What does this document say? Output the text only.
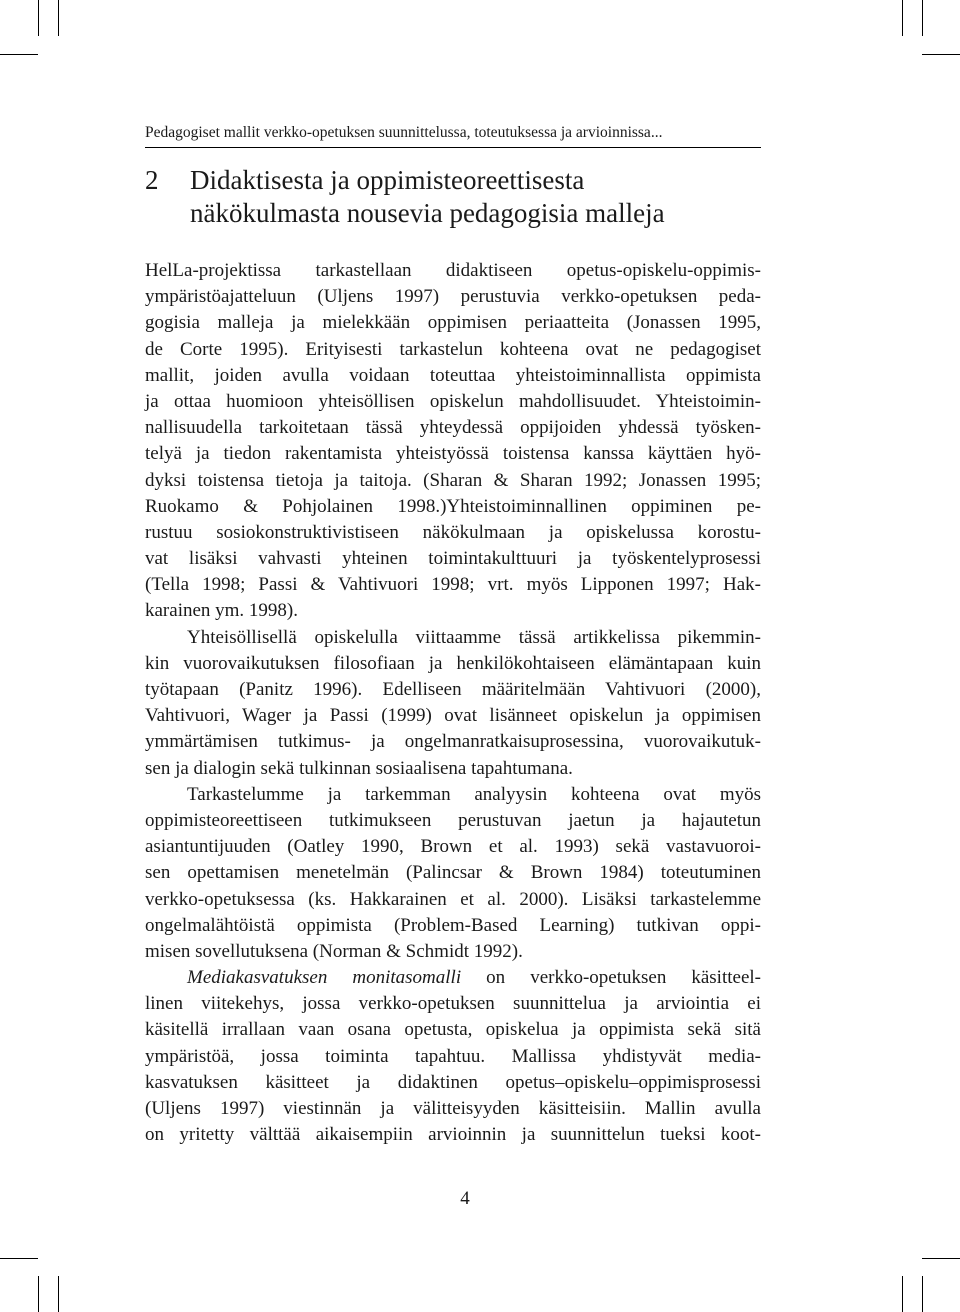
Pedagogiset mallit verkko-opetuksen suunnittelussa, toteutuksessa ja arvioinnissa...
2	Didaktisesta ja oppimisteoreettisesta
näkökulmasta nousevia pedagogisia malleja
HelLa-projektissa tarkastellaan didaktiseen opetus-opiskelu-oppimis-
ympäristöajatteluun (Uljens 1997) perustuvia verkko-opetuksen peda-
gogisia malleja ja mielekkään oppimisen periaatteita (Jonassen 1995,
de Corte 1995). Erityisesti tarkastelun kohteena ovat ne pedagogiset
mallit, joiden avulla voidaan toteuttaa yhteistoiminnallista oppimista
ja ottaa huomioon yhteisöllisen opiskelun mahdollisuudet. Yhteistoimin-
nallisuudella tarkoitetaan tässä yhteydessä oppijoiden yhdessä työsken-
telyä ja tiedon rakentamista yhteistyössä toistensa kanssa käyttäen hyö-
dyksi toistensa tietoja ja taitoja. (Sharan & Sharan 1992; Jonassen 1995;
Ruokamo & Pohjolainen 1998.)Yhteistoiminnallinen oppiminen pe-
rustuu sosiokonstruktivistiseen näkökulmaan ja opiskelussa korostu-
vat lisäksi vahvasti yhteinen toimintakulttuuri ja työskentelyprosessi
(Tella 1998; Passi & Vahtivuori 1998; vrt. myös Lipponen 1997; Hak-
karainen ym. 1998).
Yhteisöllisellä opiskelulla viittaamme tässä artikkelissa pikemmin-
kin vuorovaikutuksen filosofiaan ja henkilökohtaiseen elämäntapaan kuin
työtapaan (Panitz 1996). Edelliseen määritelmään Vahtivuori (2000),
Vahtivuori, Wager ja Passi (1999) ovat lisänneet opiskelun ja oppimisen
ymmärtämisen tutkimus- ja ongelmanratkaisuprosessina, vuorovaikutuk-
sen ja dialogin sekä tulkinnan sosiaalisena tapahtumana.
Tarkastelumme ja tarkemman analyysin kohteena ovat myös
oppimisteoreettiseen tutkimukseen perustuvan jaetun ja hajautetun
asiantuntijuuden (Oatley 1990, Brown et al. 1993) sekä vastavuoroi-
sen opettamisen menetelmän (Palincsar & Brown 1984) toteutuminen
verkko-opetuksessa (ks. Hakkarainen et al. 2000). Lisäksi tarkastelemme
ongelmalähtöistä oppimista (Problem-Based Learning) tutkivan oppi-
misen sovellutuksena (Norman & Schmidt 1992).
Mediakasvatuksen monitasomalli on verkko-opetuksen käsitteel-
linen viitekehys, jossa verkko-opetuksen suunnittelua ja arviointia ei
käsitellä irrallaan vaan osana opetusta, opiskelua ja oppimista sekä sitä
ympäristöä, jossa toiminta tapahtuu. Mallissa yhdistyvät media-
kasvatuksen käsitteet ja didaktinen opetus–opiskelu–oppimisprosessi
(Uljens 1997) viestinnän ja välitteisyyden käsitteisiin. Mallin avulla
on yritetty välttää aikaisempiin arvioinnin ja suunnittelun tueksi koot-
4
